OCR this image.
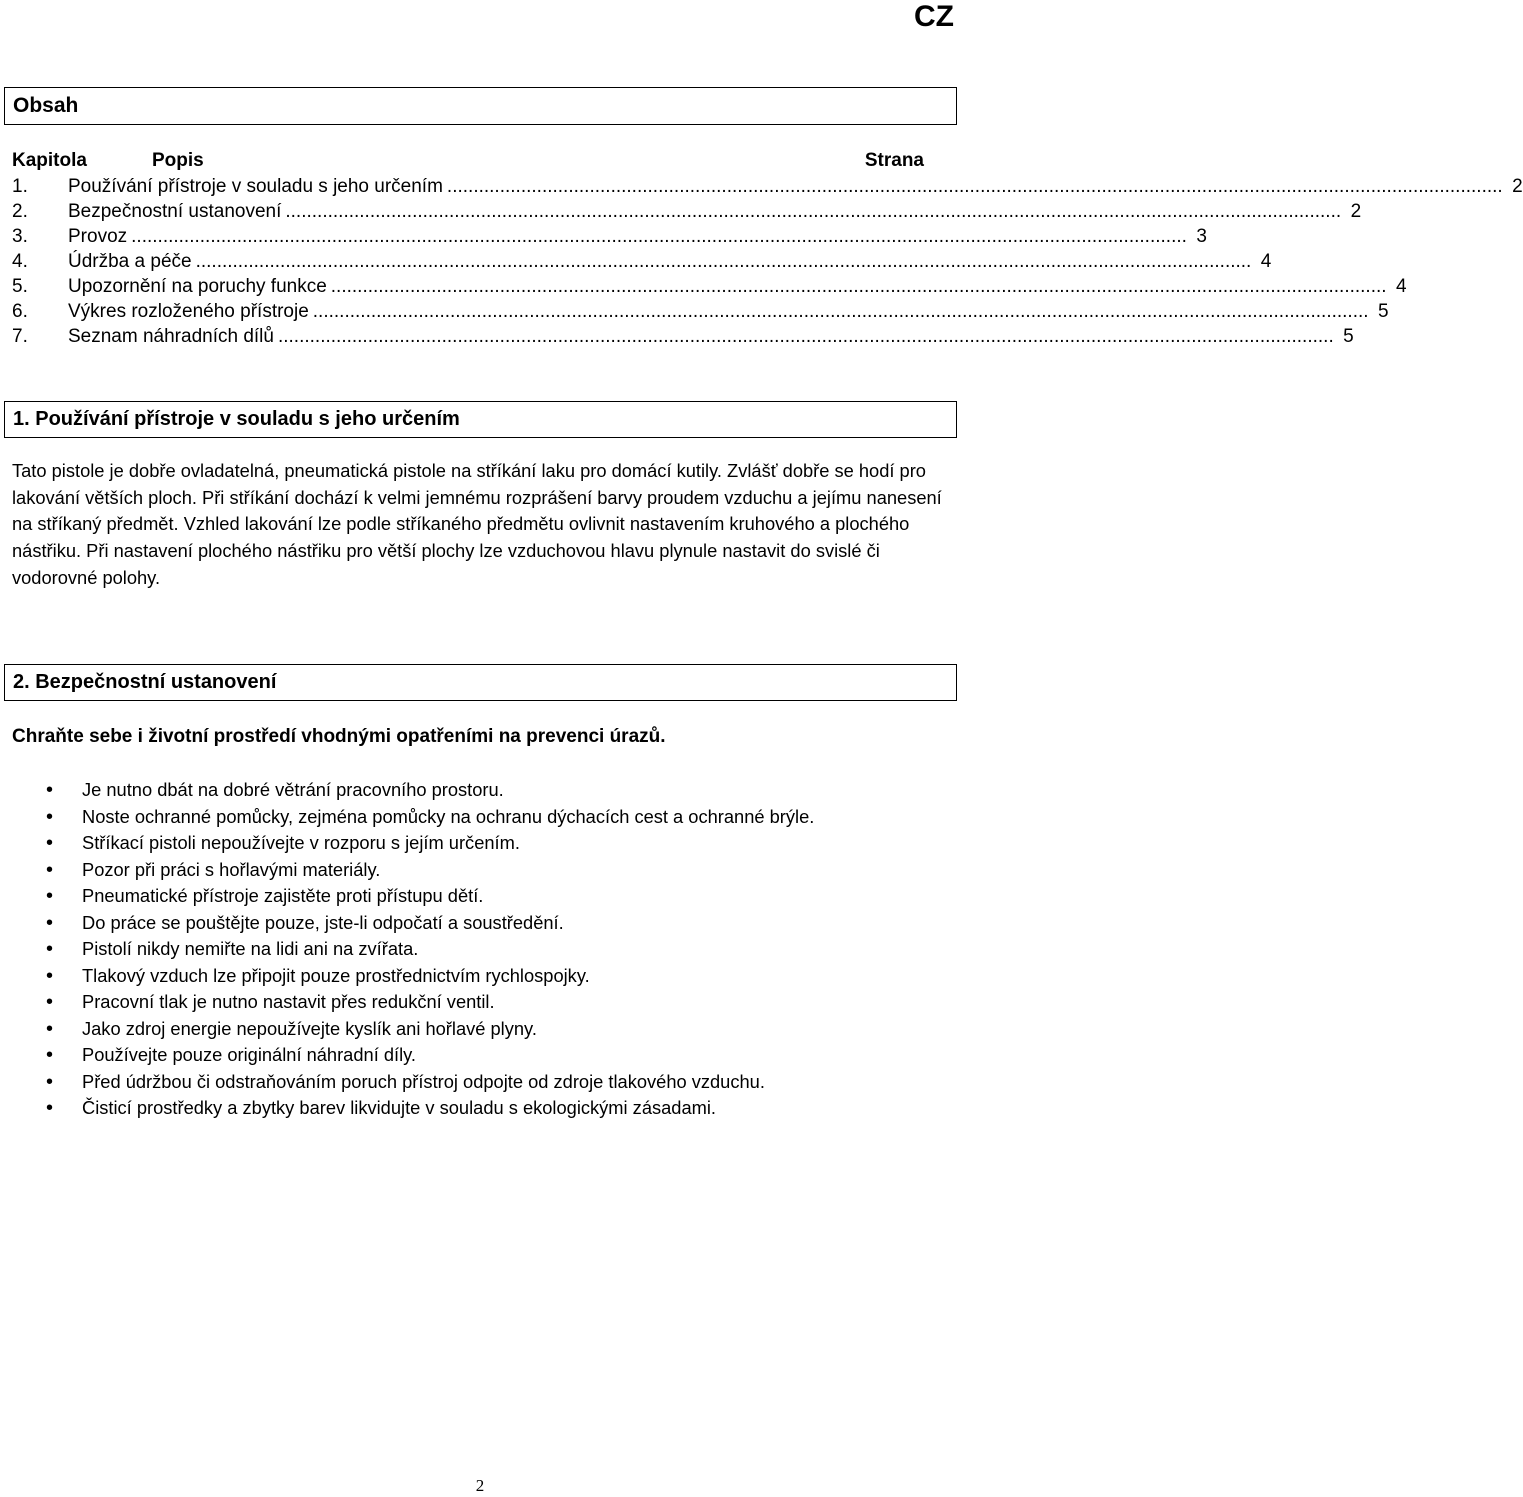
CZ
Obsah
Kapitola	Popis	Strana
1.	Používání přístroje v souladu s jeho určením ........................................................................................................................................................................................................ 2
2.	Bezpečnostní ustanovení ........................................................................................................................................................................................................ 2
3.	Provoz ........................................................................................................................................................................................................ 3
4.	Údržba a péče ........................................................................................................................................................................................................ 4
5.	Upozornění na poruchy funkce ........................................................................................................................................................................................................ 4
6.	Výkres rozloženého přístroje ........................................................................................................................................................................................................ 5
7.	Seznam náhradních dílů ........................................................................................................................................................................................................ 5
1. Používání přístroje v souladu s jeho určením

Tato pistole je dobře ovladatelná, pneumatická pistole na stříkání laku pro domácí kutily. Zvlášť dobře se hodí pro lakování větších ploch. Při stříkání dochází k velmi jemnému rozprášení barvy proudem vzduchu a jejímu nanesení na stříkaný předmět. Vzhled lakování lze podle stříkaného předmětu ovlivnit nastavením kruhového a plochého nástřiku. Při nastavení plochého nástřiku pro větší plochy lze vzduchovou hlavu plynule nastavit do svislé či vodorovné polohy.

2. Bezpečnostní ustanovení

Chraňte sebe i životní prostředí vhodnými opatřeními na prevenci úrazů.

• Je nutno dbát na dobré větrání pracovního prostoru.
• Noste ochranné pomůcky, zejména pomůcky na ochranu dýchacích cest a ochranné brýle.
• Stříkací pistoli nepoužívejte v rozporu s jejím určením.
• Pozor při práci s hořlavými materiály.
• Pneumatické přístroje zajistěte proti přístupu dětí.
• Do práce se pouštějte pouze, jste-li odpočatí a soustředění.
• Pistolí nikdy nemiřte na lidi ani na zvířata.
• Tlakový vzduch lze připojit pouze prostřednictvím rychlospojky.
• Pracovní tlak je nutno nastavit přes redukční ventil.
• Jako zdroj energie nepoužívejte kyslík ani hořlavé plyny.
• Používejte pouze originální náhradní díly.
• Před údržbou či odstraňováním poruch přístroj odpojte od zdroje tlakového vzduchu.
• Čisticí prostředky a zbytky barev likvidujte v souladu s ekologickými zásadami.
2
